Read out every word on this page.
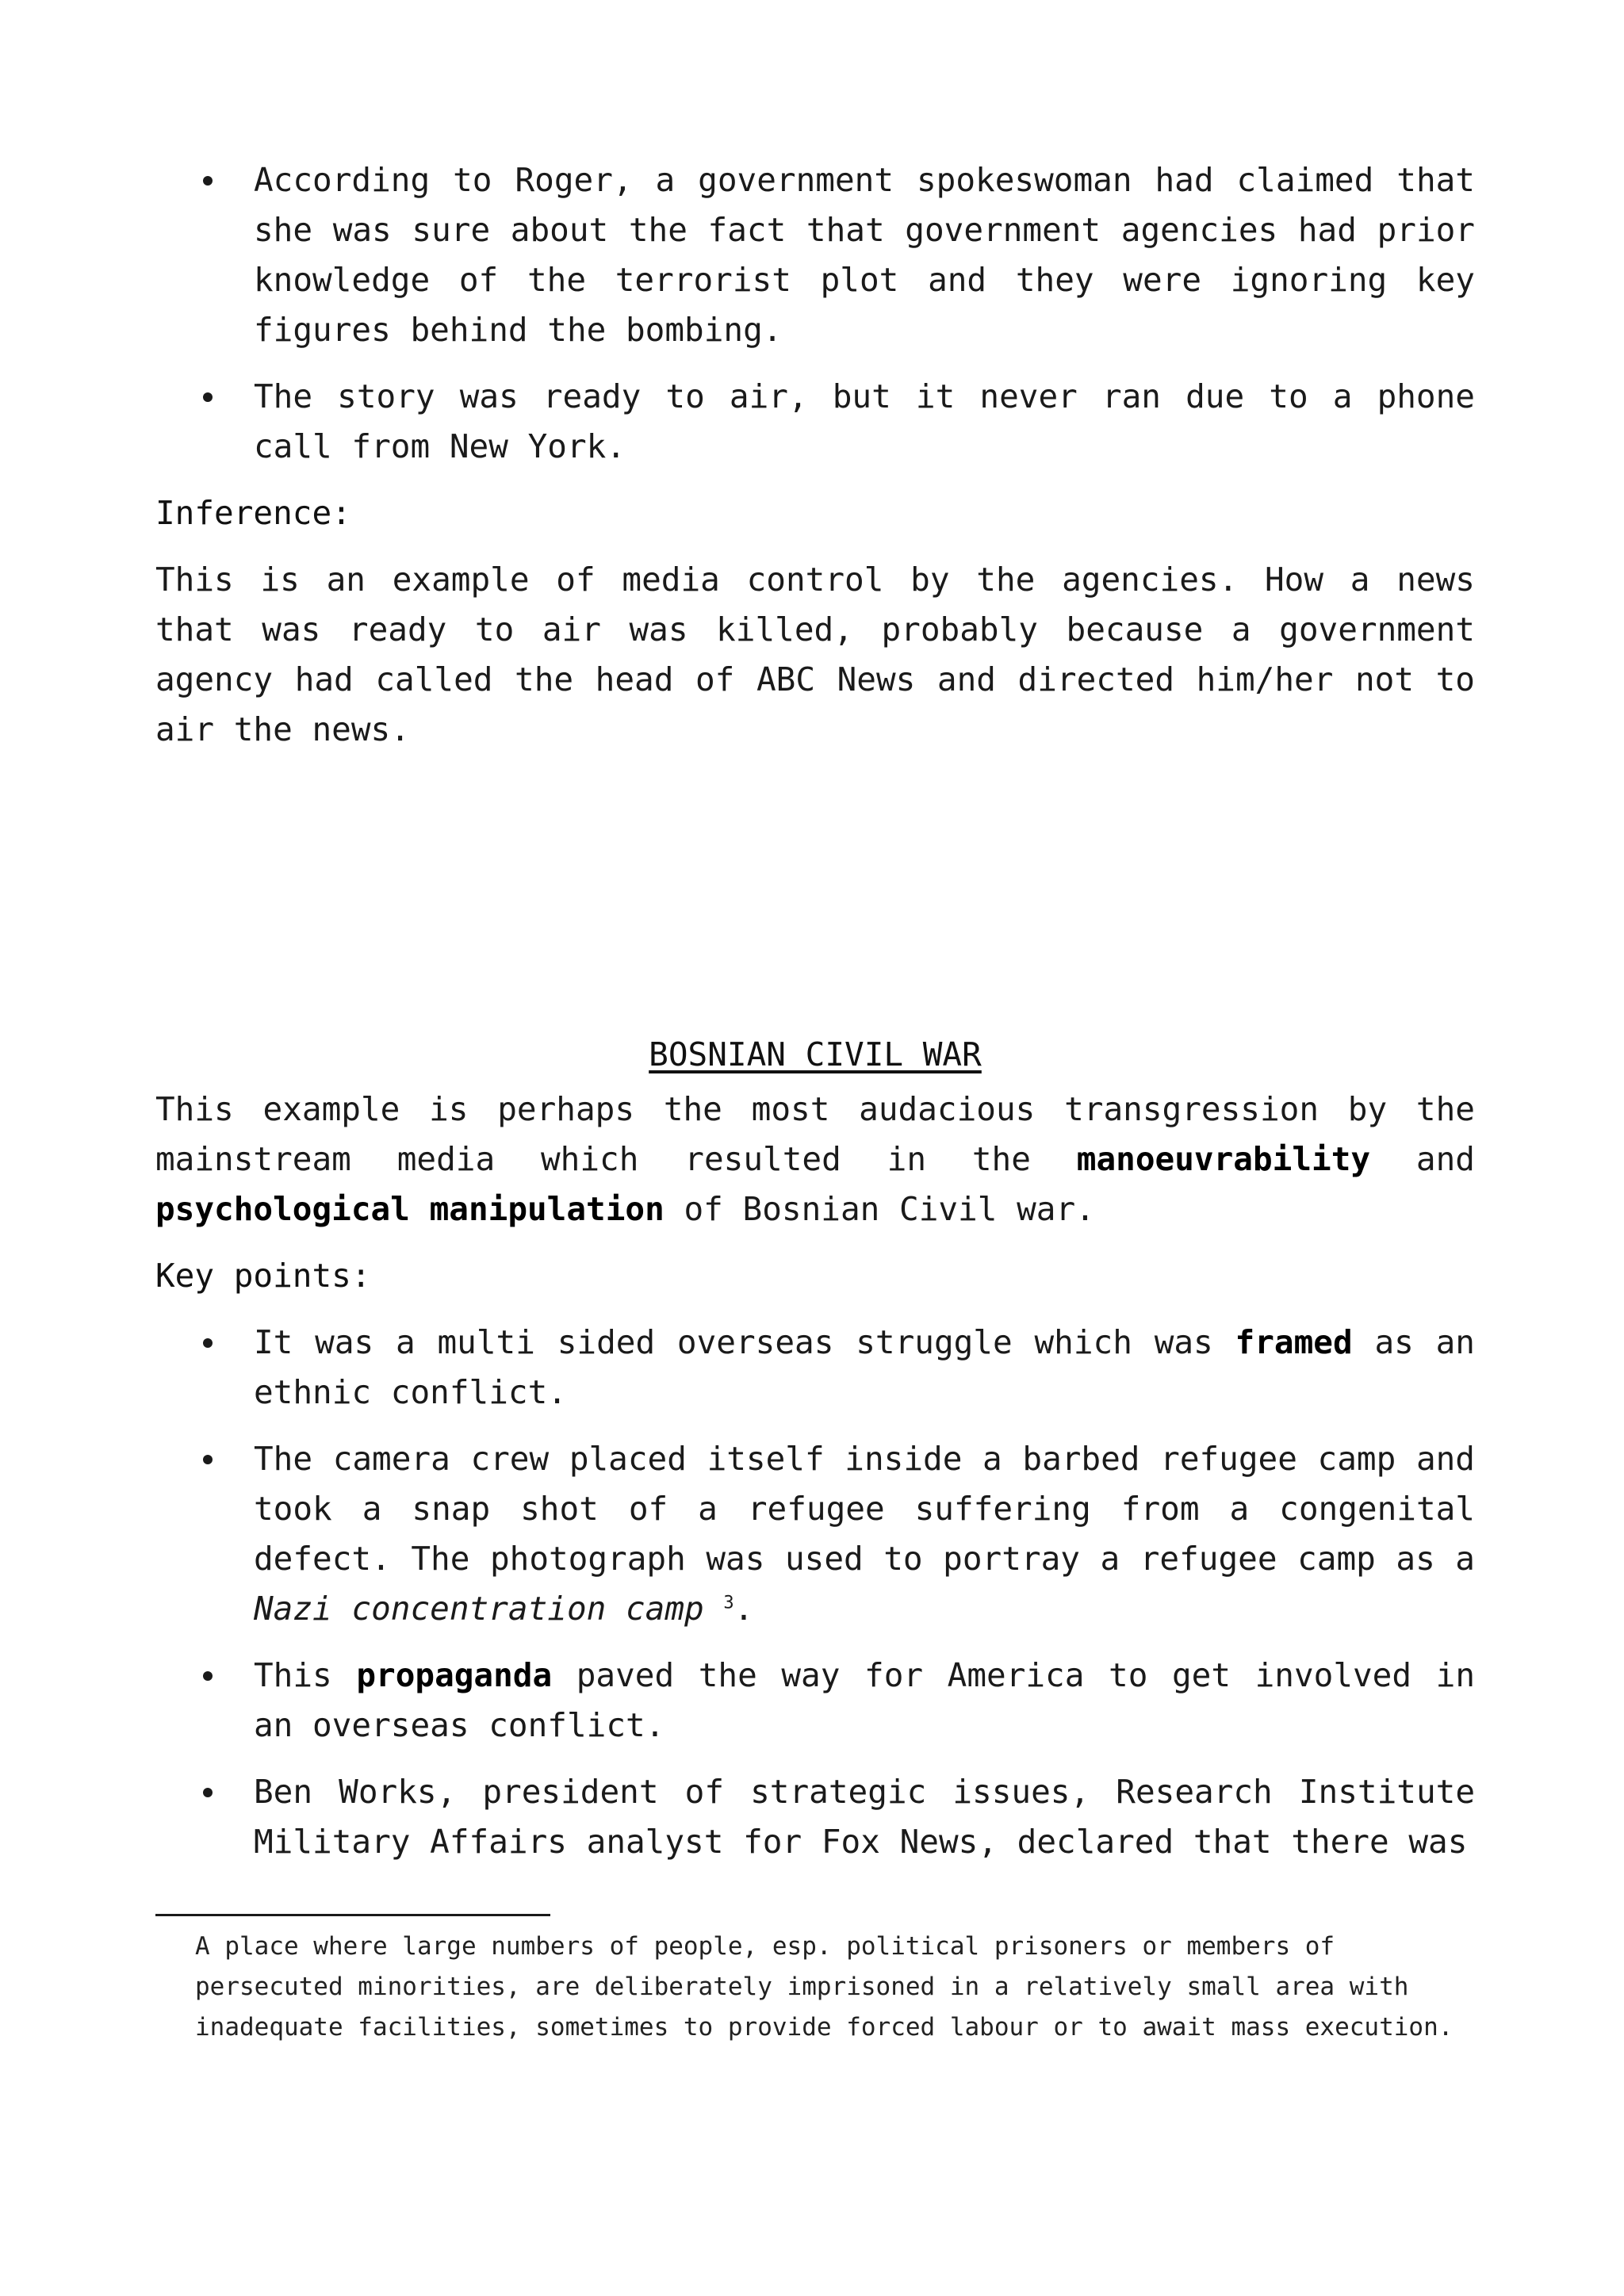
According to Roger, a government spokeswoman had claimed that she was sure about the fact that government agencies had prior knowledge of the terrorist plot and they were ignoring key figures behind the bombing.
The story was ready to air, but it never ran due to a phone call from New York.

Inference:

This is an example of media control by the agencies. How a news that was ready to air was killed, probably because a government agency had called the head of ABC News and directed him/her not to air the news.

BOSNIAN CIVIL WAR

This example is perhaps the most audacious transgression by the mainstream media which resulted in the manoeuvrability and psychological manipulation of Bosnian Civil war.

Key points:

It was a multi sided overseas struggle which was framed as an ethnic conflict.
The camera crew placed itself inside a barbed refugee camp and took a snap shot of a refugee suffering from a congenital defect. The photograph was used to portray a refugee camp as a Nazi concentration camp $^3$.
This propaganda paved the way for America to get involved in an overseas conflict.
Ben Works, president of strategic issues, Research Institute Military Affairs analyst for Fox News, declared that there was

A place where large numbers of people, esp. political prisoners or members of persecuted minorities, are deliberately imprisoned in a relatively small area with inadequate facilities, sometimes to provide forced labour or to await mass execution.
